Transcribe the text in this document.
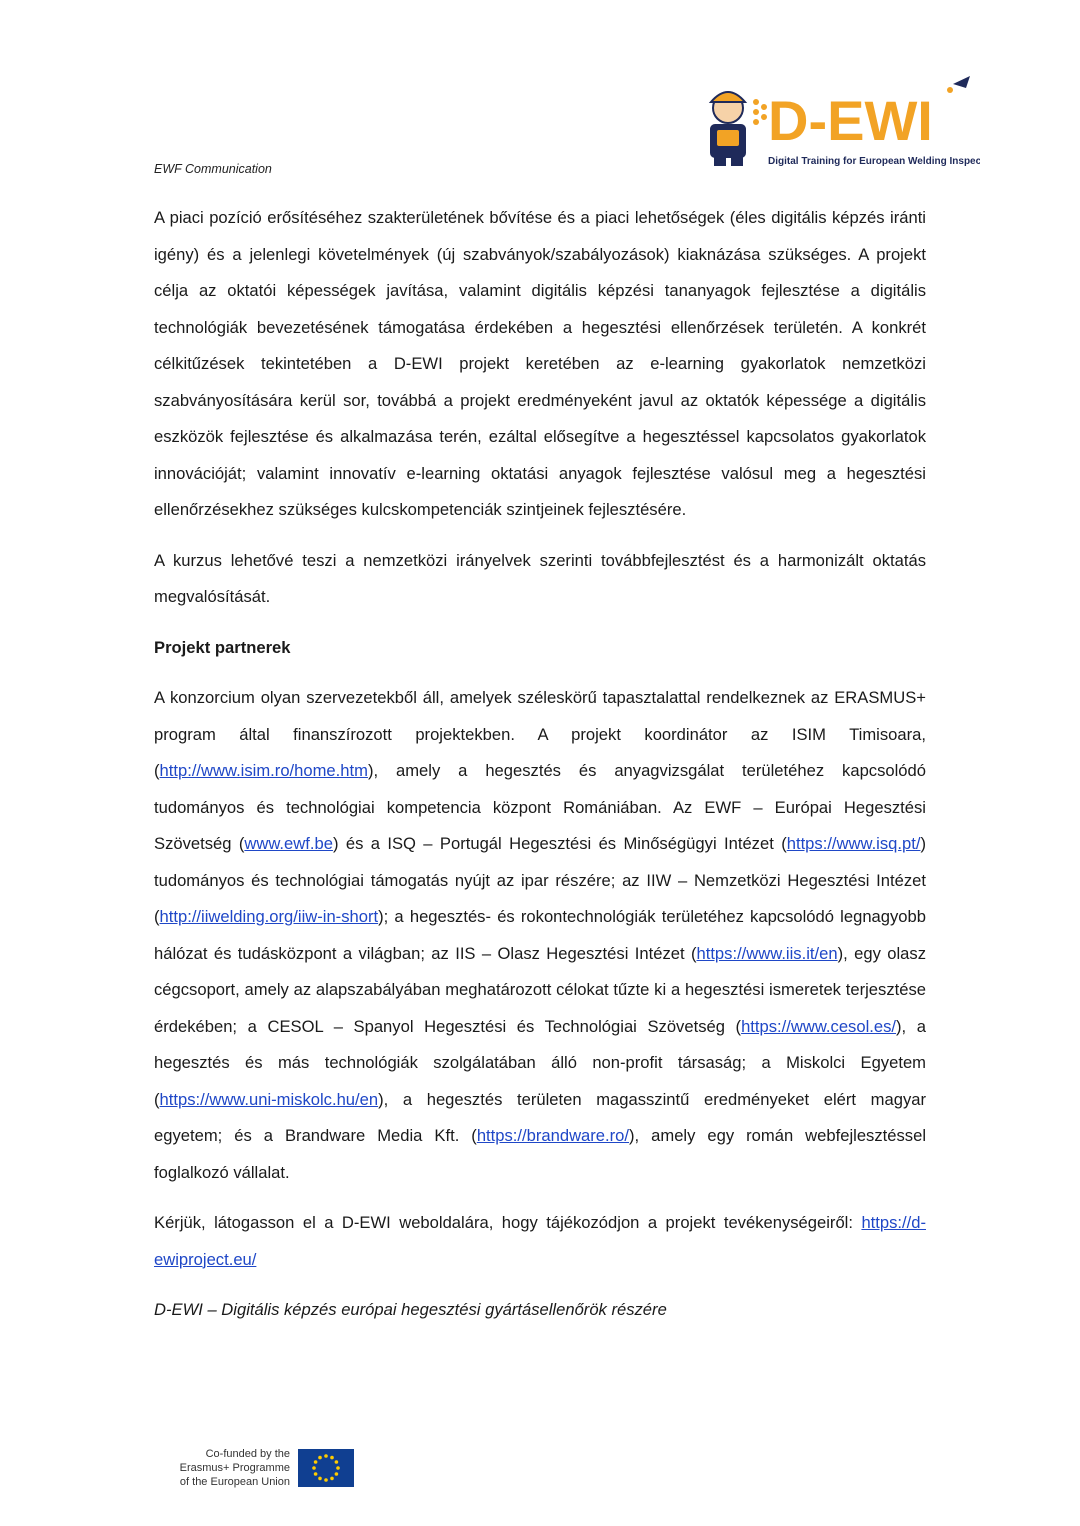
EWF Communication
D-EWI
Digital Training for European Welding Inspectors

A piaci pozíció erősítéséhez szakterületének bővítése és a piaci lehetőségek (éles digitális képzés iránti igény) és a jelenlegi követelmények (új szabványok/szabályozások) kiaknázása szükséges. A projekt célja az oktatói képességek javítása, valamint digitális képzési tananyagok fejlesztése a digitális technológiák bevezetésének támogatása érdekében a hegesztési ellenőrzések területén. A konkrét célkitűzések tekintetében a D-EWI projekt keretében az e-learning gyakorlatok nemzetközi szabványosítására kerül sor, továbbá a projekt eredményeként javul az oktatók képessége a digitális eszközök fejlesztése és alkalmazása terén, ezáltal elősegítve a hegesztéssel kapcsolatos gyakorlatok innovációját; valamint innovatív e-learning oktatási anyagok fejlesztése valósul meg a hegesztési ellenőrzésekhez szükséges kulcskompetenciák szintjeinek fejlesztésére.

A kurzus lehetővé teszi a nemzetközi irányelvek szerinti továbbfejlesztést és a harmonizált oktatás megvalósítását.

Projekt partnerek

A konzorcium olyan szervezetekből áll, amelyek széleskörű tapasztalattal rendelkeznek az ERASMUS+ program által finanszírozott projektekben. A projekt koordinátor az ISIM Timisoara, (http://www.isim.ro/home.htm), amely a hegesztés és anyagvizsgálat területéhez kapcsolódó tudományos és technológiai kompetencia központ Romániában. Az EWF – Európai Hegesztési Szövetség (www.ewf.be) és a ISQ – Portugál Hegesztési és Minőségügyi Intézet (https://www.isq.pt/) tudományos és technológiai támogatás nyújt az ipar részére; az IIW – Nemzetközi Hegesztési Intézet (http://iiwelding.org/iiw-in-short); a hegesztés- és rokontechnológiák területéhez kapcsolódó legnagyobb hálózat és tudásközpont a világban; az IIS – Olasz Hegesztési Intézet (https://www.iis.it/en), egy olasz cégcsoport, amely az alapszabályában meghatározott célokat tűzte ki a hegesztési ismeretek terjesztése érdekében; a CESOL – Spanyol Hegesztési és Technológiai Szövetség (https://www.cesol.es/), a hegesztés és más technológiák szolgálatában álló non-profit társaság; a Miskolci Egyetem (https://www.uni-miskolc.hu/en), a hegesztés területen magasszintű eredményeket elért magyar egyetem; és a Brandware Media Kft. (https://brandware.ro/), amely egy román webfejlesztéssel foglalkozó vállalat.

Kérjük, látogasson el a D-EWI weboldalára, hogy tájékozódjon a projekt tevékenységeiről: https://d-ewiproject.eu/

D-EWI – Digitális képzés európai hegesztési gyártásellenőrök részére

Co-funded by the
Erasmus+ Programme
of the European Union
